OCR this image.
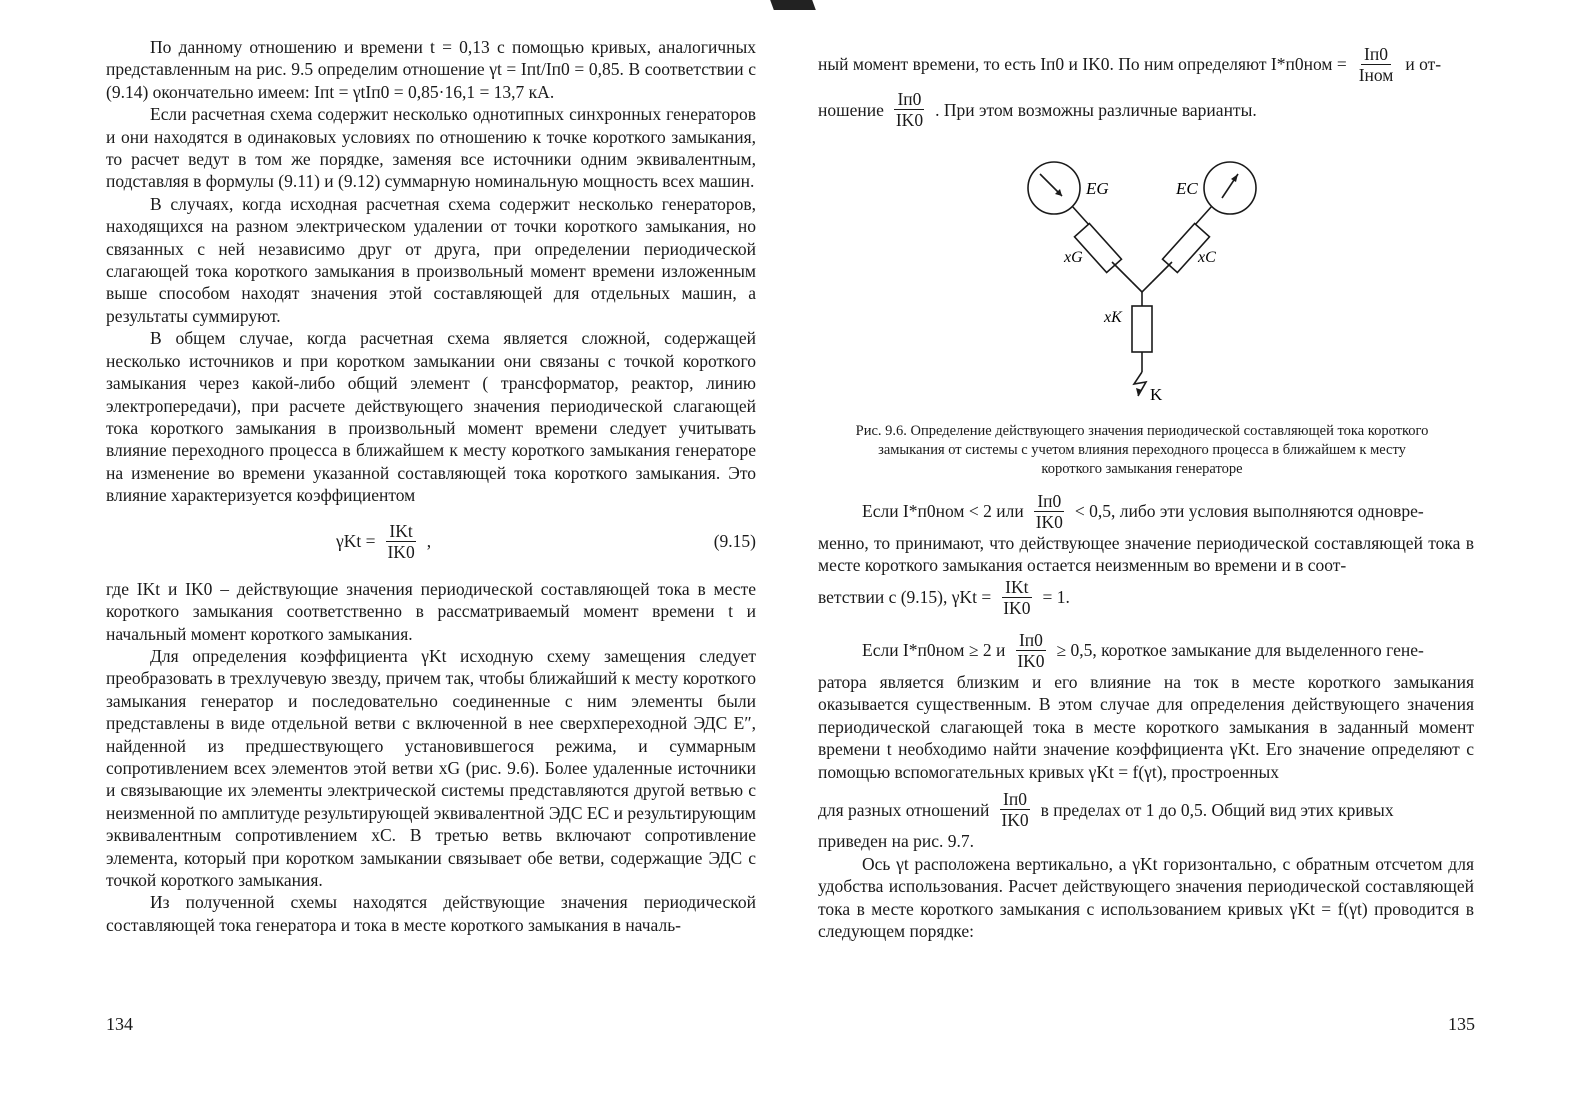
По данному отношению и времени t = 0,13 с помощью кривых, аналогичных представленным на рис. 9.5 определим отношение γt = Iпt/Iп0 = 0,85. В соответствии с (9.14) окончательно имеем: Iпt = γtIп0 = 0,85·16,1 = 13,7 кА.

Если расчетная схема содержит несколько однотипных синхронных генераторов и они находятся в одинаковых условиях по отношению к точке короткого замыкания, то расчет ведут в том же порядке, заменяя все источники одним эквивалентным, подставляя в формулы (9.11) и (9.12) суммарную номинальную мощность всех машин.

В случаях, когда исходная расчетная схема содержит несколько генераторов, находящихся на разном электрическом удалении от точки короткого замыкания, но связанных с ней независимо друг от друга, при определении периодической слагающей тока короткого замыкания в произвольный момент времени изложенным выше способом находят значения этой составляющей для отдельных машин, а результаты суммируют.

В общем случае, когда расчетная схема является сложной, содержащей несколько источников и при коротком замыкании они связаны с точкой короткого замыкания через какой-либо общий элемент ( трансформатор, реактор, линию электропередачи), при расчете действующего значения периодической слагающей тока короткого замыкания в произвольный момент времени следует учитывать влияние переходного процесса в ближайшем к месту короткого замыкания генераторе на изменение во времени указанной составляющей тока короткого замыкания. Это влияние характеризуется коэффициентом

$\gamma Kt = \frac{\text{IKt}}{IK0}$ ,	(9.15)

где IKt и IK0 – действующие значения периодической составляющей тока в месте короткого замыкания соответственно в рассматриваемый момент времени t и начальный момент короткого замыкания.

Для определения коэффициента γKt исходную схему замещения следует преобразовать в трехлучевую звезду, причем так, чтобы ближайший к месту короткого замыкания генератор и последовательно соединенные с ним элементы были представлены в виде отдельной ветви с включенной в нее сверхпереходной ЭДС E″, найденной из предшествующего установившегося режима, и суммарным сопротивлением всех элементов этой ветви xG (рис. 9.6). Более удаленные источники и связывающие их элементы электрической системы представляются другой ветвью с неизменной по амплитуде результирующей эквивалентной ЭДС EC и результирующим эквивалентным сопротивлением xC. В третью ветвь включают сопротивление элемента, который при коротком замыкании связывает обе ветви, содержащие ЭДС с точкой короткого замыкания.

Из полученной схемы находятся действующие значения периодической составляющей тока генератора и тока в месте короткого замыкания в началь-

134
ный момент времени, то есть Iп0 и IK0. По ним определяют $I*п0ном = \frac{Iп0}{\text{Iном}}$ и от-
ношение $\frac{Iп0}{IK0}$ . При этом возможны различные варианты.
Если I*п0ном < 2 или $\frac{Iп0}{IK0} < 0,5$, либо эти условия выполняются одновре-

менно, то принимают, что действующее значение периодической составляющей тока в месте короткого замыкания остается неизменным во времени и в соот-

ветствии с (9.15), $\gamma Kt = \frac{\text{IKt}}{IK0} = 1$.
Если I*п0ном ≥ 2 и $\frac{Iп0}{IK0} \ge 0,5$, короткое замыкание для выделенного гене-

ратора является близким и его влияние на ток в месте короткого замыкания оказывается существенным. В этом случае для определения действующего значения периодической слагающей тока в месте короткого замыкания в заданный момент времени t необходимо найти значение коэффициента γKt. Его значение определяют с помощью вспомогательных кривых γKt = f(γt), простроенных

для разных отношений $\frac{Iп0}{IK0}$ в пределах от 1 до 0,5. Общий вид этих кривых

приведен на рис. 9.7.

Ось γt расположена вертикально, а γKt горизонтально, с обратным отсчетом для удобства использования. Расчет действующего значения периодической составляющей тока в месте короткого замыкания с использованием кривых γKt = f(γt) проводится в следующем порядке:

EG	EC
xG	xC
xK
K
Рис. 9.6. Определение действующего значения периодической составляющей тока короткого замыкания от системы с учетом влияния переходного процесса в ближайшем к месту короткого замыкания генераторе
135
